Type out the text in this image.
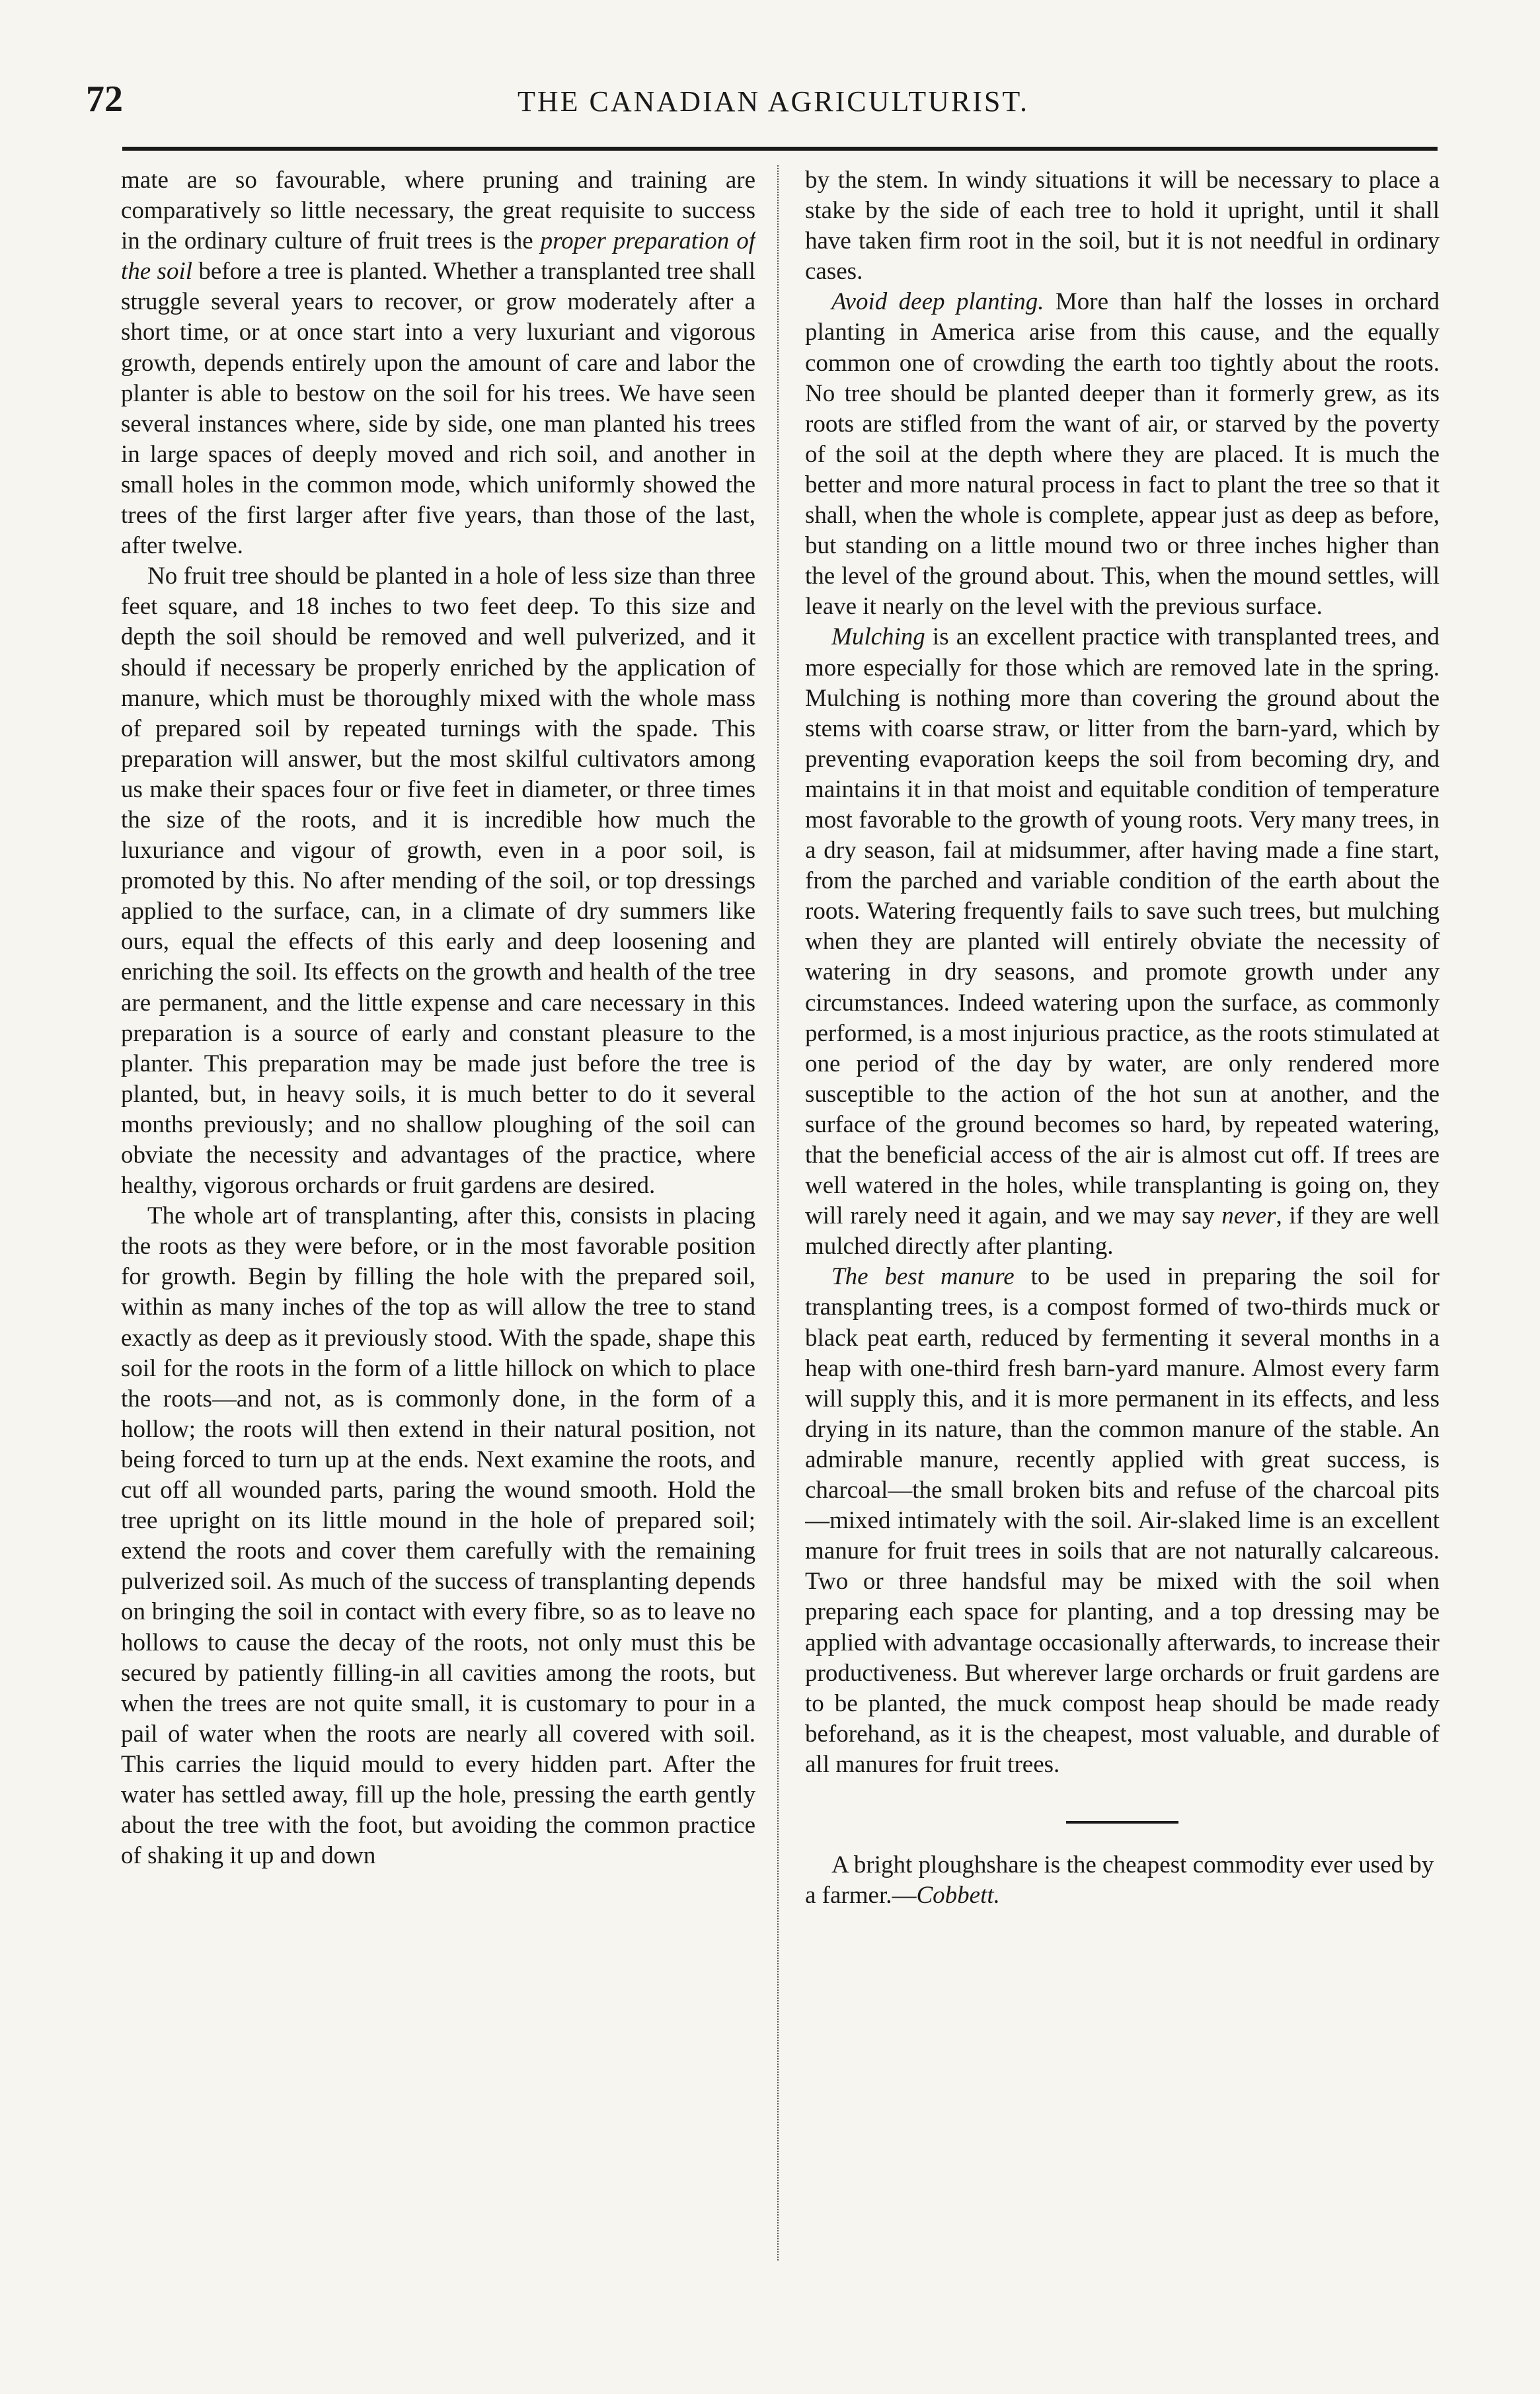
72	THE CANADIAN AGRICULTURIST.

mate are so favourable, where pruning and training are comparatively so little necessary, the great requisite to success in the ordinary culture of fruit trees is the proper preparation of the soil before a tree is planted. Whether a transplanted tree shall struggle several years to recover, or grow moderately after a short time, or at once start into a very luxuriant and vigorous growth, depends entirely upon the amount of care and labor the planter is able to bestow on the soil for his trees. We have seen several instances where, side by side, one man planted his trees in large spaces of deeply moved and rich soil, and another in small holes in the common mode, which uniformly showed the trees of the first larger after five years, than those of the last, after twelve.

No fruit tree should be planted in a hole of less size than three feet square, and 18 inches to two feet deep. To this size and depth the soil should be removed and well pulverized, and it should if necessary be properly enriched by the application of manure, which must be thoroughly mixed with the whole mass of prepared soil by repeated turnings with the spade. This preparation will answer, but the most skilful cultivators among us make their spaces four or five feet in diameter, or three times the size of the roots, and it is incredible how much the luxuriance and vigour of growth, even in a poor soil, is promoted by this. No after mending of the soil, or top dressings applied to the surface, can, in a climate of dry summers like ours, equal the effects of this early and deep loosening and enriching the soil. Its effects on the growth and health of the tree are permanent, and the little expense and care necessary in this preparation is a source of early and constant pleasure to the planter. This preparation may be made just before the tree is planted, but, in heavy soils, it is much better to do it several months previously; and no shallow ploughing of the soil can obviate the necessity and advantages of the practice, where healthy, vigorous orchards or fruit gardens are desired.

The whole art of transplanting, after this, consists in placing the roots as they were before, or in the most favorable position for growth. Begin by filling the hole with the prepared soil, within as many inches of the top as will allow the tree to stand exactly as deep as it previously stood. With the spade, shape this soil for the roots in the form of a little hillock on which to place the roots—and not, as is commonly done, in the form of a hollow; the roots will then extend in their natural position, not being forced to turn up at the ends. Next examine the roots, and cut off all wounded parts, paring the wound smooth. Hold the tree upright on its little mound in the hole of prepared soil; extend the roots and cover them carefully with the remaining pulverized soil. As much of the success of transplanting depends on bringing the soil in contact with every fibre, so as to leave no hollows to cause the decay of the roots, not only must this be secured by patiently filling-in all cavities among the roots, but when the trees are not quite small, it is customary to pour in a pail of water when the roots are nearly all covered with soil. This carries the liquid mould to every hidden part. After the water has settled away, fill up the hole, pressing the earth gently about the tree with the foot, but avoiding the common practice of shaking it up and down

by the stem. In windy situations it will be necessary to place a stake by the side of each tree to hold it upright, until it shall have taken firm root in the soil, but it is not needful in ordinary cases.

Avoid deep planting. More than half the losses in orchard planting in America arise from this cause, and the equally common one of crowding the earth too tightly about the roots. No tree should be planted deeper than it formerly grew, as its roots are stifled from the want of air, or starved by the poverty of the soil at the depth where they are placed. It is much the better and more natural process in fact to plant the tree so that it shall, when the whole is complete, appear just as deep as before, but standing on a little mound two or three inches higher than the level of the ground about. This, when the mound settles, will leave it nearly on the level with the previous surface.

Mulching is an excellent practice with transplanted trees, and more especially for those which are removed late in the spring. Mulching is nothing more than covering the ground about the stems with coarse straw, or litter from the barn-yard, which by preventing evaporation keeps the soil from becoming dry, and maintains it in that moist and equitable condition of temperature most favorable to the growth of young roots. Very many trees, in a dry season, fail at midsummer, after having made a fine start, from the parched and variable condition of the earth about the roots. Watering frequently fails to save such trees, but mulching when they are planted will entirely obviate the necessity of watering in dry seasons, and promote growth under any circumstances. Indeed watering upon the surface, as commonly performed, is a most injurious practice, as the roots stimulated at one period of the day by water, are only rendered more susceptible to the action of the hot sun at another, and the surface of the ground becomes so hard, by repeated watering, that the beneficial access of the air is almost cut off. If trees are well watered in the holes, while transplanting is going on, they will rarely need it again, and we may say never, if they are well mulched directly after planting.

The best manure to be used in preparing the soil for transplanting trees, is a compost formed of two-thirds muck or black peat earth, reduced by fermenting it several months in a heap with one-third fresh barn-yard manure. Almost every farm will supply this, and it is more permanent in its effects, and less drying in its nature, than the common manure of the stable. An admirable manure, recently applied with great success, is charcoal—the small broken bits and refuse of the charcoal pits—mixed intimately with the soil. Air-slaked lime is an excellent manure for fruit trees in soils that are not naturally calcareous. Two or three handsful may be mixed with the soil when preparing each space for planting, and a top dressing may be applied with advantage occasionally afterwards, to increase their productiveness. But wherever large orchards or fruit gardens are to be planted, the muck compost heap should be made ready beforehand, as it is the cheapest, most valuable, and durable of all manures for fruit trees.

A bright ploughshare is the cheapest commodity ever used by a farmer.—Cobbett.
